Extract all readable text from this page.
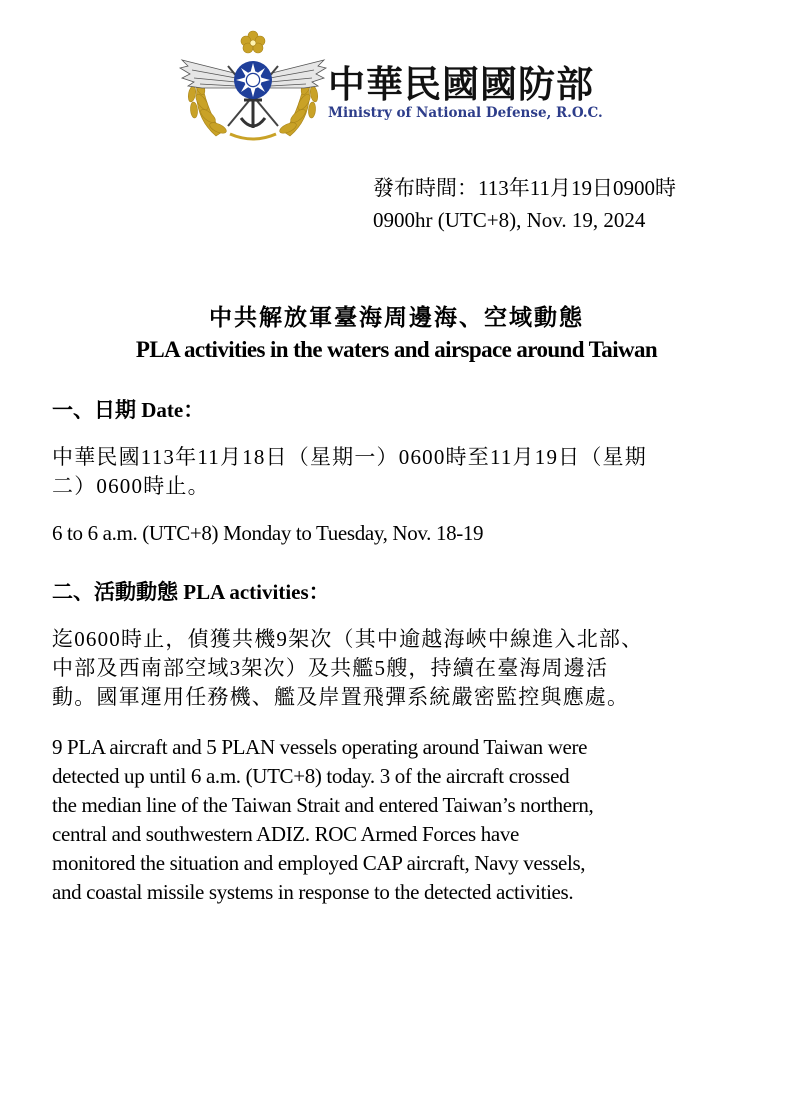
中華民國國防部
Ministry of National Defense, R.O.C.
發布時間：113年11月19日0900時
0900hr (UTC+8), Nov. 19, 2024
中共解放軍臺海周邊海、空域動態
PLA activities in the waters and airspace around Taiwan
一、日期 Date：
中華民國113年11月18日（星期一）0600時至11月19日（星期
二）0600時止。
6 to 6 a.m. (UTC+8) Monday to Tuesday, Nov. 18-19
二、活動動態 PLA activities：
迄0600時止，偵獲共機9架次（其中逾越海峽中線進入北部、
中部及西南部空域3架次）及共艦5艘，持續在臺海周邊活
動。國軍運用任務機、艦及岸置飛彈系統嚴密監控與應處。
9 PLA aircraft and 5 PLAN vessels operating around Taiwan were
detected up until 6 a.m. (UTC+8) today. 3 of the aircraft crossed
the median line of the Taiwan Strait and entered Taiwan’s northern,
central and southwestern ADIZ. ROC Armed Forces have
monitored the situation and employed CAP aircraft, Navy vessels,
and coastal missile systems in response to the detected activities.
